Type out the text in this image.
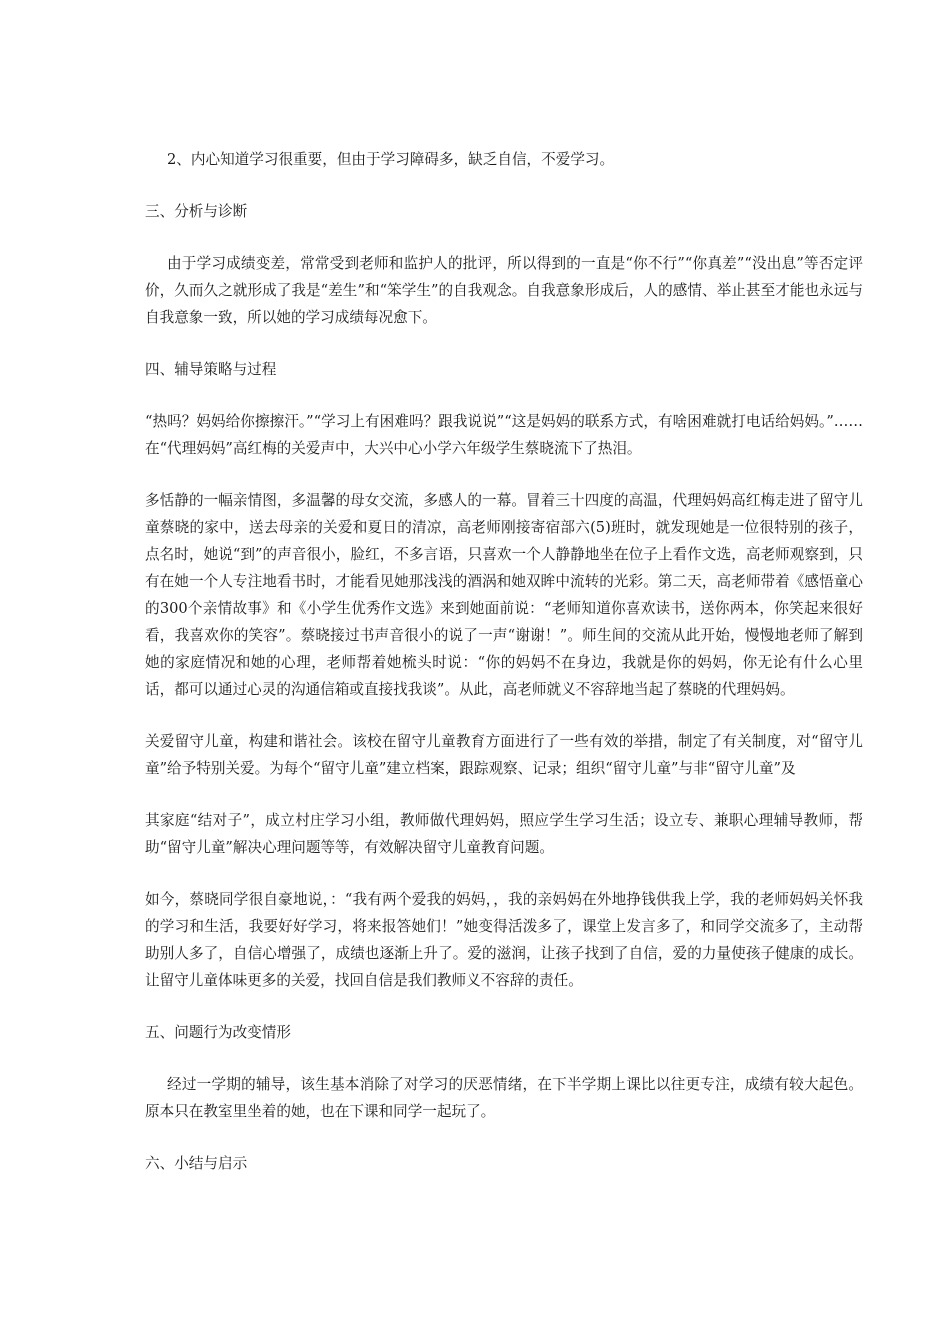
2、内心知道学习很重要，但由于学习障碍多，缺乏自信，不爱学习。

三、分析与诊断

由于学习成绩变差，常常受到老师和监护人的批评，所以得到的一直是“你不行”“你真差”“没出息”等否定评价，久而久之就形成了我是“差生”和“笨学生”的自我观念。自我意象形成后，人的感情、举止甚至才能也永远与自我意象一致，所以她的学习成绩每况愈下。

四、辅导策略与过程

“热吗？妈妈给你擦擦汗。”“学习上有困难吗？跟我说说”“这是妈妈的联系方式，有啥困难就打电话给妈妈。”……在“代理妈妈”高红梅的关爱声中，大兴中心小学六年级学生蔡晓流下了热泪。

多恬静的一幅亲情图，多温馨的母女交流，多感人的一幕。冒着三十四度的高温，代理妈妈高红梅走进了留守儿童蔡晓的家中，送去母亲的关爱和夏日的清凉，高老师刚接寄宿部六(5)班时，就发现她是一位很特别的孩子，点名时，她说“到”的声音很小，脸红，不多言语，只喜欢一个人静静地坐在位子上看作文选，高老师观察到，只有在她一个人专注地看书时，才能看见她那浅浅的酒涡和她双眸中流转的光彩。第二天，高老师带着《感悟童心的300个亲情故事》和《小学生优秀作文选》来到她面前说：“老师知道你喜欢读书，送你两本，你笑起来很好看，我喜欢你的笑容”。蔡晓接过书声音很小的说了一声“谢谢！”。师生间的交流从此开始，慢慢地老师了解到她的家庭情况和她的心理，老师帮着她梳头时说：“你的妈妈不在身边，我就是你的妈妈，你无论有什么心里话，都可以通过心灵的沟通信箱或直接找我谈”。从此，高老师就义不容辞地当起了蔡晓的代理妈妈。

关爱留守儿童，构建和谐社会。该校在留守儿童教育方面进行了一些有效的举措，制定了有关制度，对“留守儿童”给予特别关爱。为每个“留守儿童”建立档案，跟踪观察、记录；组织“留守儿童”与非“留守儿童”及

其家庭“结对子”，成立村庄学习小组，教师做代理妈妈，照应学生学习生活；设立专、兼职心理辅导教师，帮助“留守儿童”解决心理问题等等，有效解决留守儿童教育问题。

如今，蔡晓同学很自豪地说，：“我有两个爱我的妈妈，，我的亲妈妈在外地挣钱供我上学，我的老师妈妈关怀我的学习和生活，我要好好学习，将来报答她们！”她变得活泼多了，课堂上发言多了，和同学交流多了，主动帮助别人多了，自信心增强了，成绩也逐渐上升了。爱的滋润，让孩子找到了自信，爱的力量使孩子健康的成长。让留守儿童体味更多的关爱，找回自信是我们教师义不容辞的责任。

五、问题行为改变情形

经过一学期的辅导，该生基本消除了对学习的厌恶情绪，在下半学期上课比以往更专注，成绩有较大起色。原本只在教室里坐着的她，也在下课和同学一起玩了。

六、小结与启示
